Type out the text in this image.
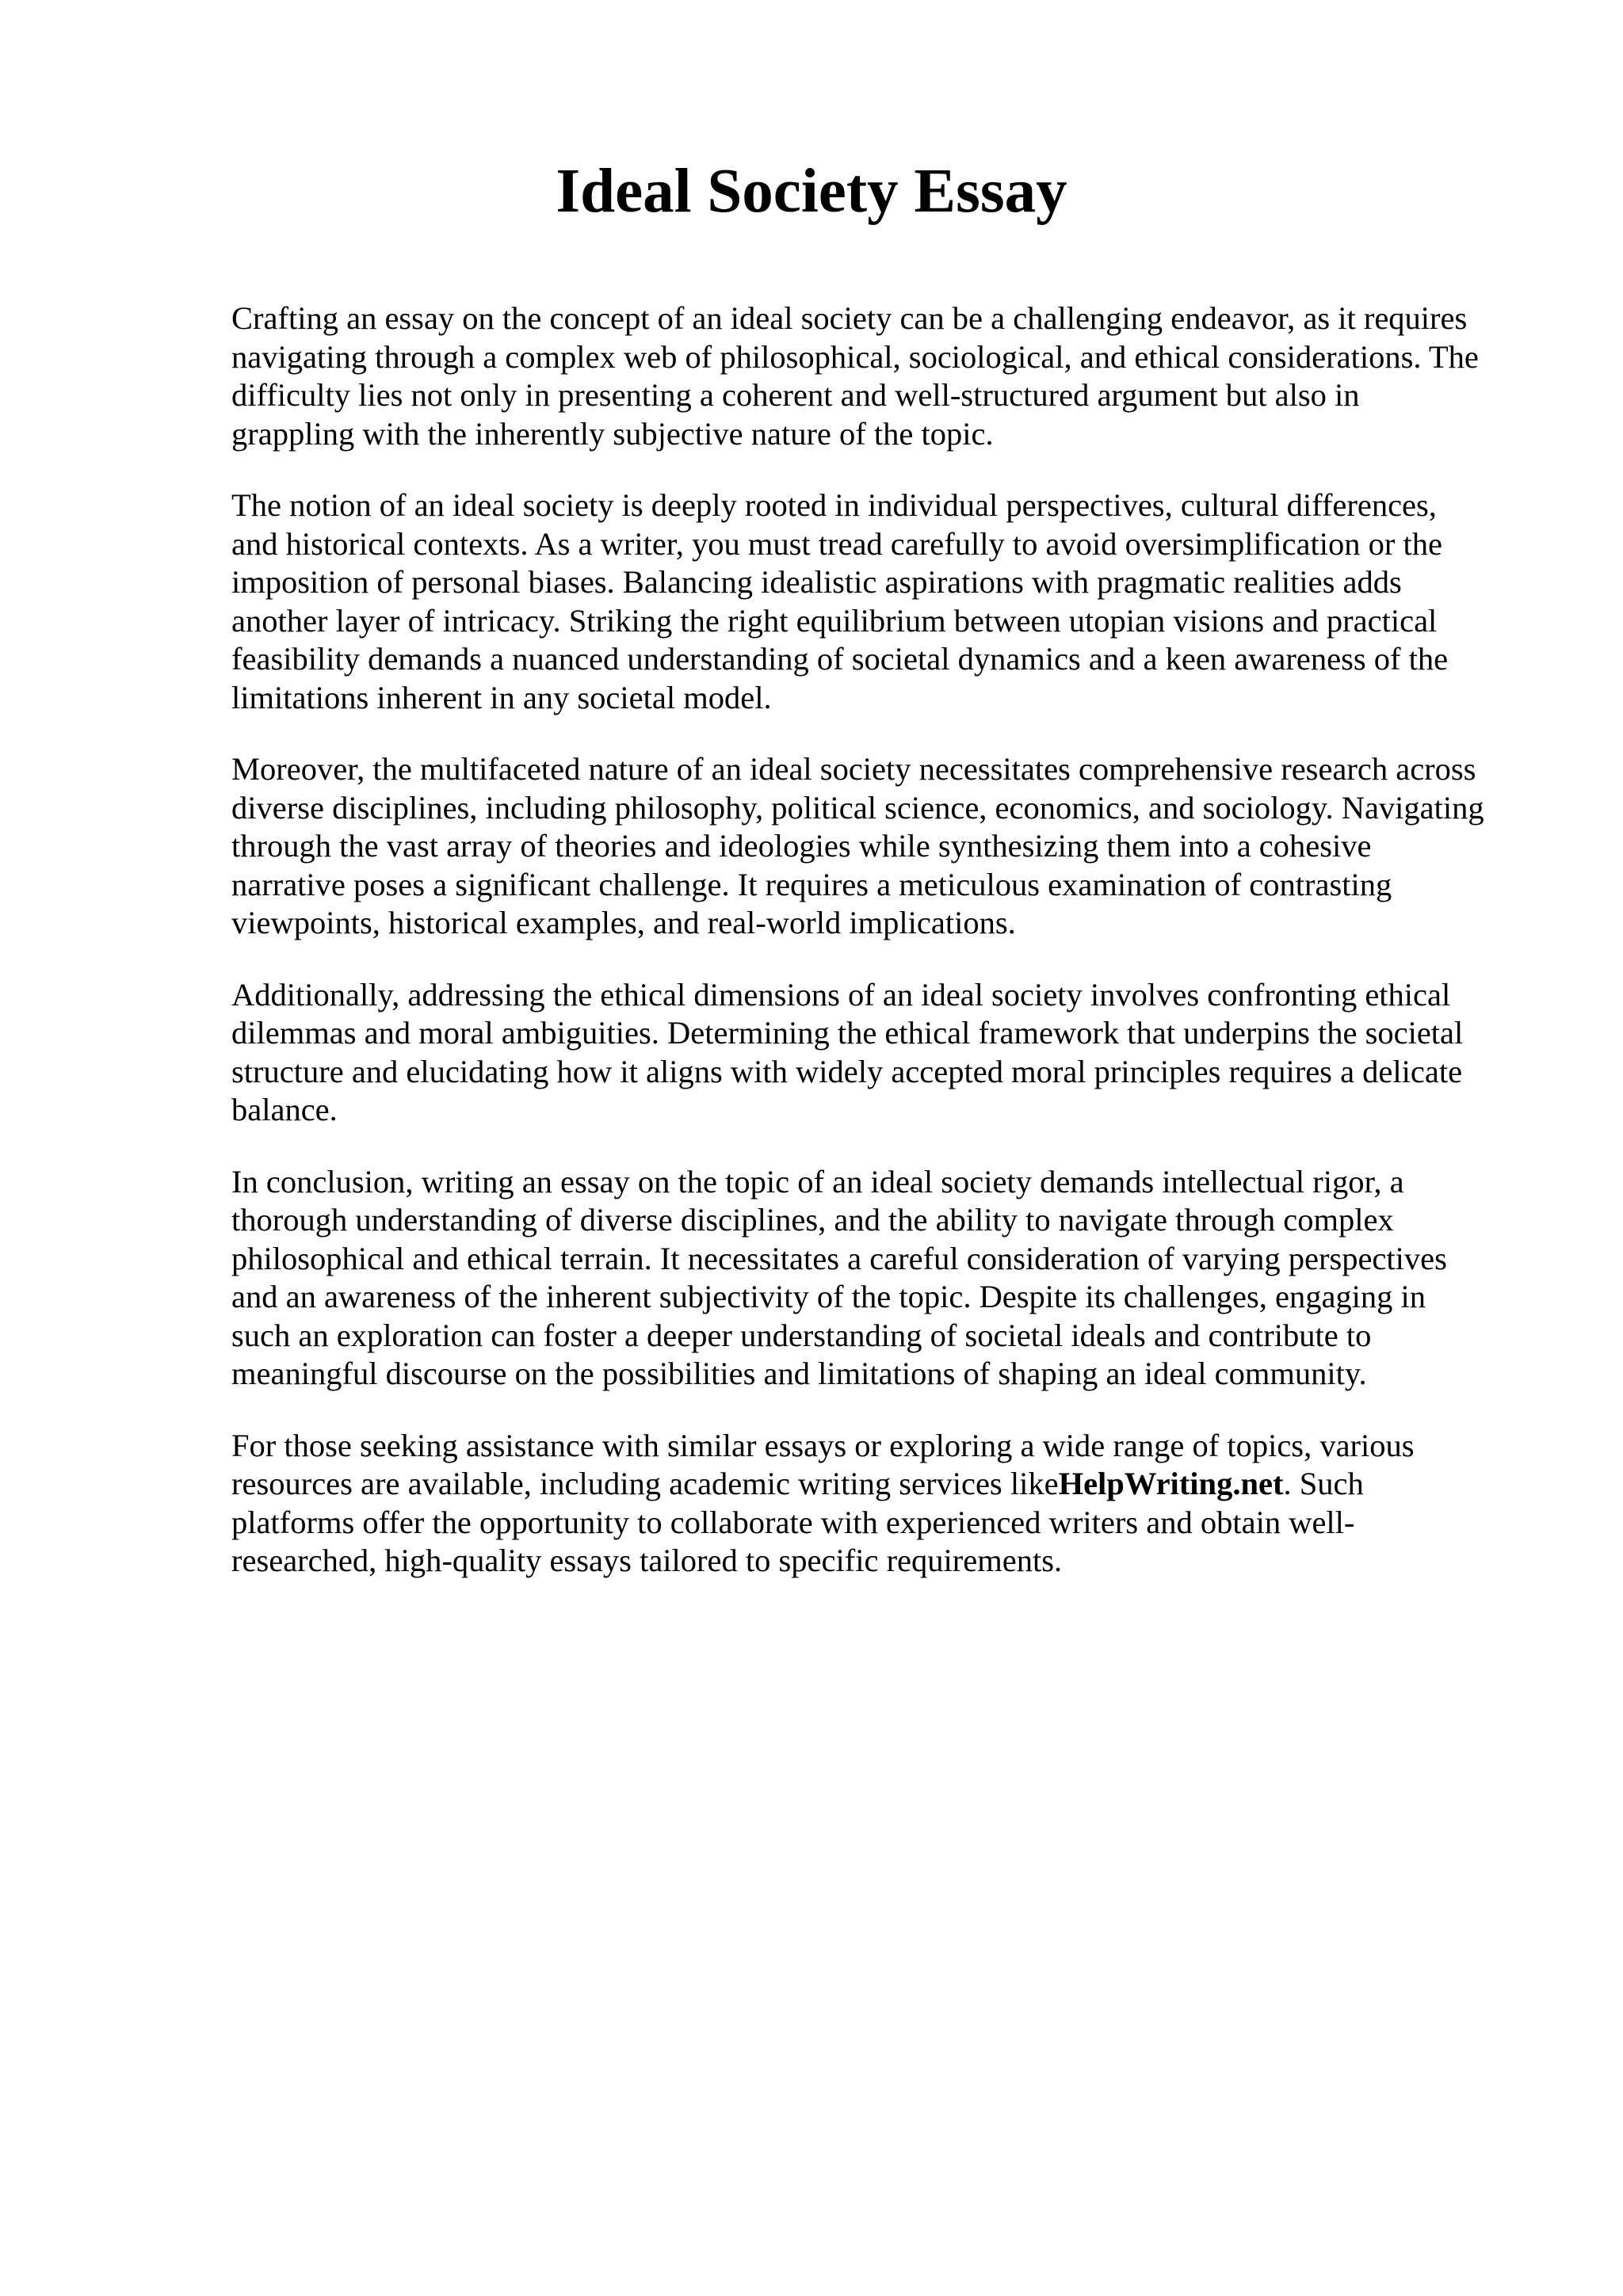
Ideal Society Essay

Crafting an essay on the concept of an ideal society can be a challenging endeavor, as it requires
navigating through a complex web of philosophical, sociological, and ethical considerations. The
difficulty lies not only in presenting a coherent and well-structured argument but also in
grappling with the inherently subjective nature of the topic.

The notion of an ideal society is deeply rooted in individual perspectives, cultural differences,
and historical contexts. As a writer, you must tread carefully to avoid oversimplification or the
imposition of personal biases. Balancing idealistic aspirations with pragmatic realities adds
another layer of intricacy. Striking the right equilibrium between utopian visions and practical
feasibility demands a nuanced understanding of societal dynamics and a keen awareness of the
limitations inherent in any societal model.

Moreover, the multifaceted nature of an ideal society necessitates comprehensive research across
diverse disciplines, including philosophy, political science, economics, and sociology. Navigating
through the vast array of theories and ideologies while synthesizing them into a cohesive
narrative poses a significant challenge. It requires a meticulous examination of contrasting
viewpoints, historical examples, and real-world implications.

Additionally, addressing the ethical dimensions of an ideal society involves confronting ethical
dilemmas and moral ambiguities. Determining the ethical framework that underpins the societal
structure and elucidating how it aligns with widely accepted moral principles requires a delicate
balance.

In conclusion, writing an essay on the topic of an ideal society demands intellectual rigor, a
thorough understanding of diverse disciplines, and the ability to navigate through complex
philosophical and ethical terrain. It necessitates a careful consideration of varying perspectives
and an awareness of the inherent subjectivity of the topic. Despite its challenges, engaging in
such an exploration can foster a deeper understanding of societal ideals and contribute to
meaningful discourse on the possibilities and limitations of shaping an ideal community.

For those seeking assistance with similar essays or exploring a wide range of topics, various
resources are available, including academic writing services likeHelpWriting.net. Such
platforms offer the opportunity to collaborate with experienced writers and obtain well-
researched, high-quality essays tailored to specific requirements.
